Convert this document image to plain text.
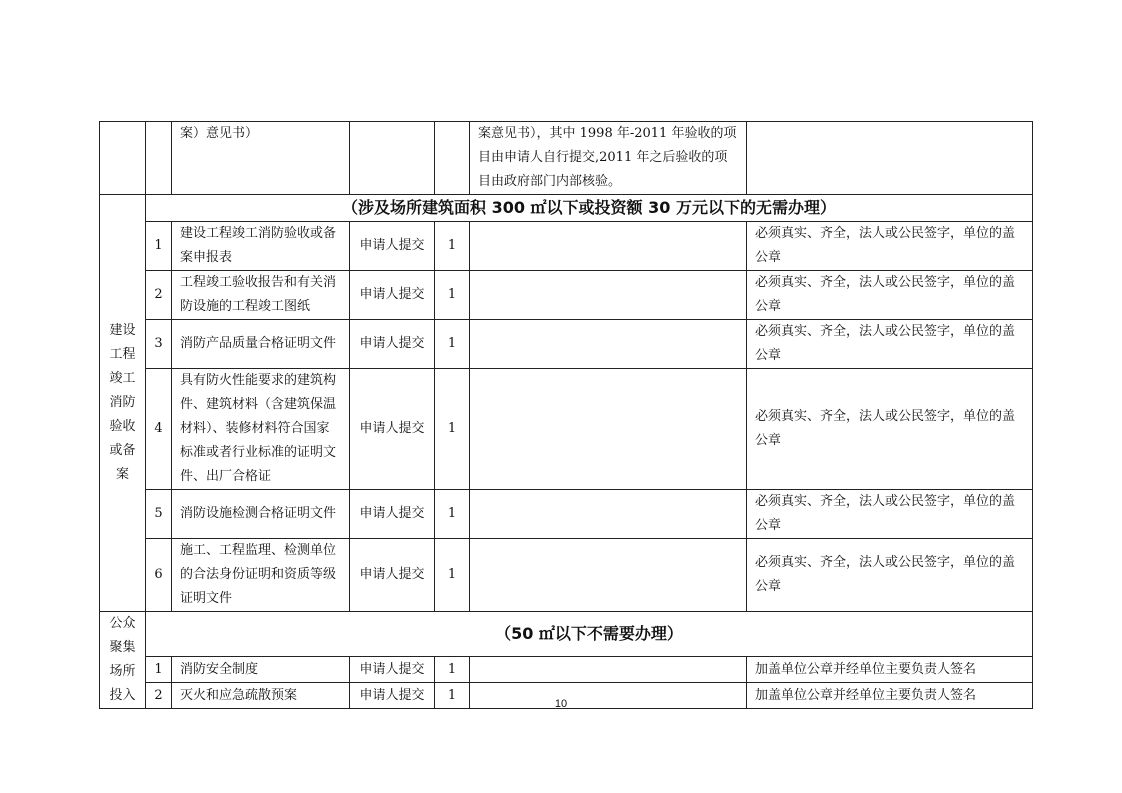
		案）意见书）			案意见书），其中 1998 年-2011 年验收的项目由申请人自行提交,2011 年之后验收的项目由政府部门内部核验。	
建设工程竣工消防验收或备案	（涉及场所建筑面积 300 ㎡以下或投资额 30 万元以下的无需办理）					
	1	建设工程竣工消防验收或备案申报表	申请人提交	1		必须真实、齐全，法人或公民签字，单位的盖公章
	2	工程竣工验收报告和有关消防设施的工程竣工图纸	申请人提交	1		必须真实、齐全，法人或公民签字，单位的盖公章
	3	消防产品质量合格证明文件	申请人提交	1		必须真实、齐全，法人或公民签字，单位的盖公章
	4	具有防火性能要求的建筑构件、建筑材料（含建筑保温材料）、装修材料符合国家标准或者行业标准的证明文件、出厂合格证	申请人提交	1		必须真实、齐全，法人或公民签字，单位的盖公章
	5	消防设施检测合格证明文件	申请人提交	1		必须真实、齐全，法人或公民签字，单位的盖公章
	6	施工、工程监理、检测单位的合法身份证明和资质等级证明文件	申请人提交	1		必须真实、齐全，法人或公民签字，单位的盖公章
公众聚集场所投入	（50 ㎡以下不需要办理）					
	1	消防安全制度	申请人提交	1		加盖单位公章并经单位主要负责人签名
	2	灭火和应急疏散预案	申请人提交	1		加盖单位公章并经单位主要负责人签名
10
